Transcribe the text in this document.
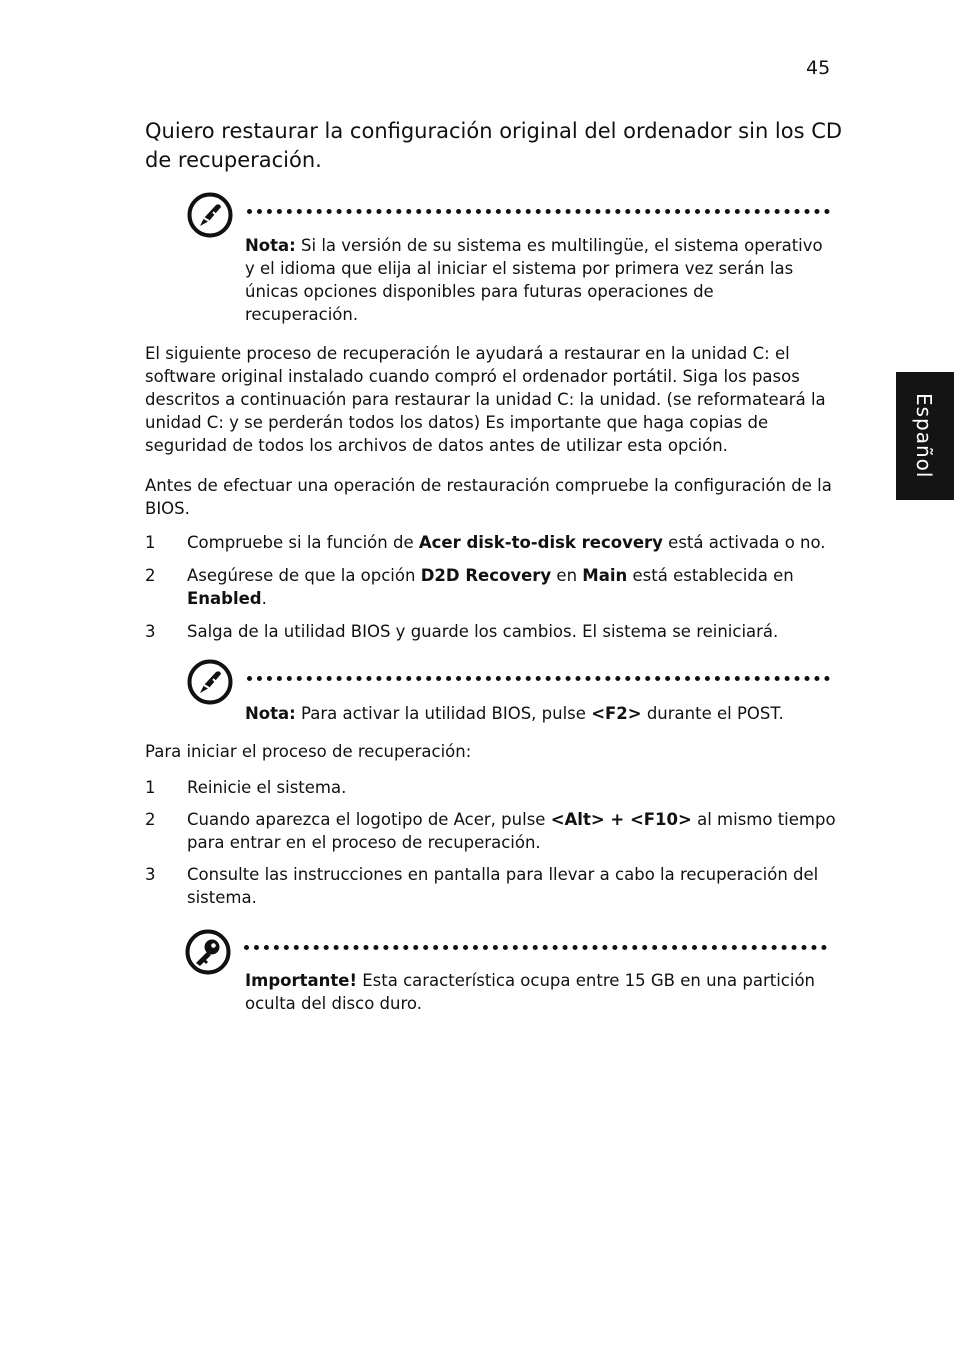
45
Español
Quiero restaurar la configuración original del ordenador sin los CD de recuperación.
Nota: Si la versión de su sistema es multilingüe, el sistema operativo y el idioma que elija al iniciar el sistema por primera vez serán las únicas opciones disponibles para futuras operaciones de recuperación.
El siguiente proceso de recuperación le ayudará a restaurar en la unidad C: el software original instalado cuando compró el ordenador portátil. Siga los pasos descritos a continuación para restaurar la unidad C: la unidad. (se reformateará la unidad C: y se perderán todos los datos) Es importante que haga copias de seguridad de todos los archivos de datos antes de utilizar esta opción.
Antes de efectuar una operación de restauración compruebe la configuración de la BIOS.
1	Compruebe si la función de Acer disk-to-disk recovery está activada o no.
2	Asegúrese de que la opción D2D Recovery en Main está establecida en Enabled.
3	Salga de la utilidad BIOS y guarde los cambios. El sistema se reiniciará.
Nota: Para activar la utilidad BIOS, pulse <F2> durante el POST.
Para iniciar el proceso de recuperación:
1	Reinicie el sistema.
2	Cuando aparezca el logotipo de Acer, pulse <Alt> + <F10> al mismo tiempo para entrar en el proceso de recuperación.
3	Consulte las instrucciones en pantalla para llevar a cabo la recuperación del sistema.
Importante! Esta característica ocupa entre 15 GB en una partición oculta del disco duro.
